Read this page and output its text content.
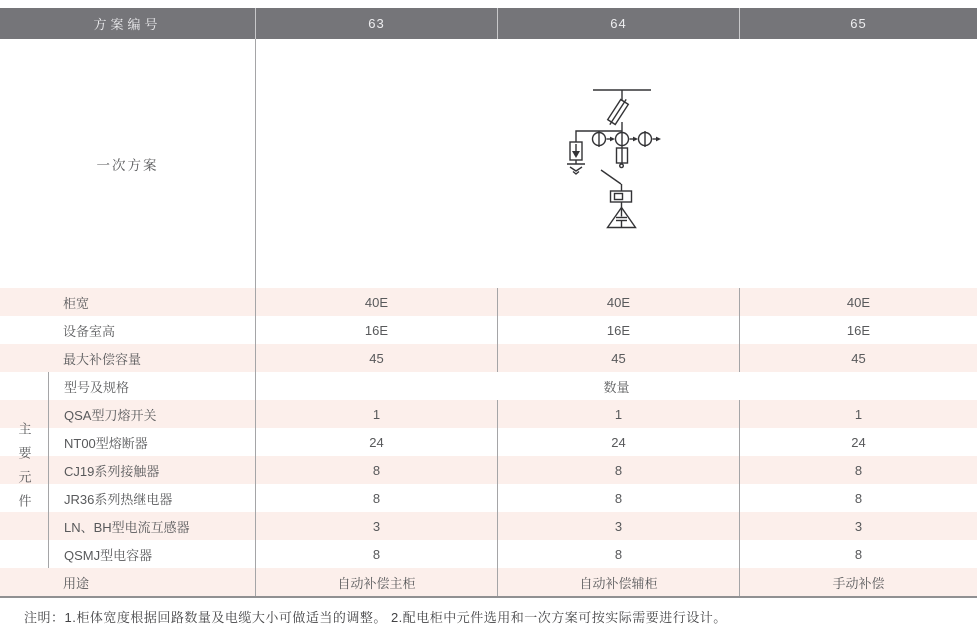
方案编号	63	64	65
一次方案
柜宽	40E	40E	40E
设备室高	16E	16E	16E
最大补偿容量	45	45	45
型号及规格	数量
QSA型刀熔开关	1	1	1
NT00型熔断器	24	24	24
CJ19系列接触器	8	8	8
JR36系列热继电器	8	8	8
LN、BH型电流互感器	3	3	3
QSMJ型电容器	8	8	8
用途	自动补偿主柜	自动补偿辅柜	手动补偿
主要元件
注明：1.柜体宽度根据回路数量及电缆大小可做适当的调整。 2.配电柜中元件选用和一次方案可按实际需要进行设计。
